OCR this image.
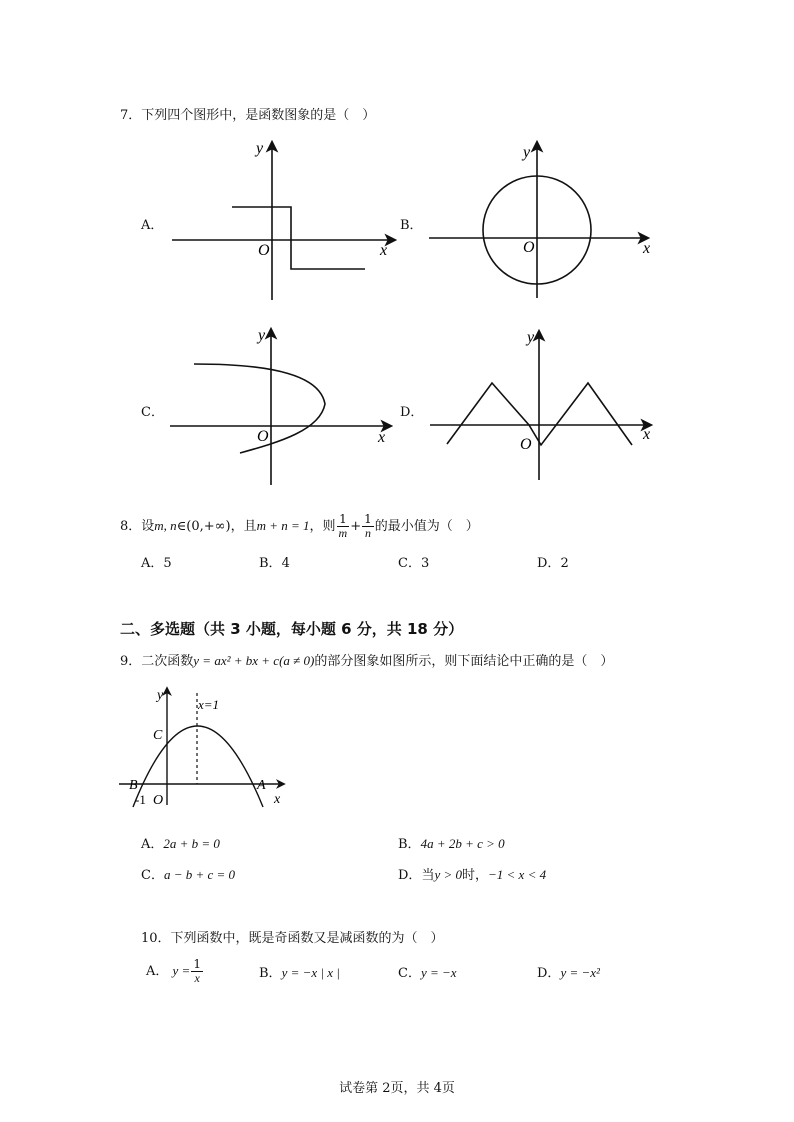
7．下列四个图形中，是函数图象的是（　）
A．
y
x
O
B．
y
x
O
C．
y
x
O
D．
y
x
O
8．设m, n∈(0,+∞)，且m + n = 1，则 $\frac{1}{m} + \frac{1}{n}$ 的最小值为（　）
A．5	B．4	C．3	D．2
二、多选题（共 3 小题，每小题 6 分，共 18 分）
9．二次函数y = ax² + bx + c(a ≠ 0)的部分图象如图所示，则下面结论中正确的是（　）
y
x=1
C
B	A
x
-1 O
A．2a + b = 0	B．4a + 2b + c > 0
C．a − b + c = 0	D．当y > 0时，−1 < x < 4
10．下列函数中，既是奇函数又是减函数的为（　）
A． $y = \frac{1}{x}$	B．y = −x | x |	C．y = −x	D．y = −x²
试卷第 2页，共 4页
